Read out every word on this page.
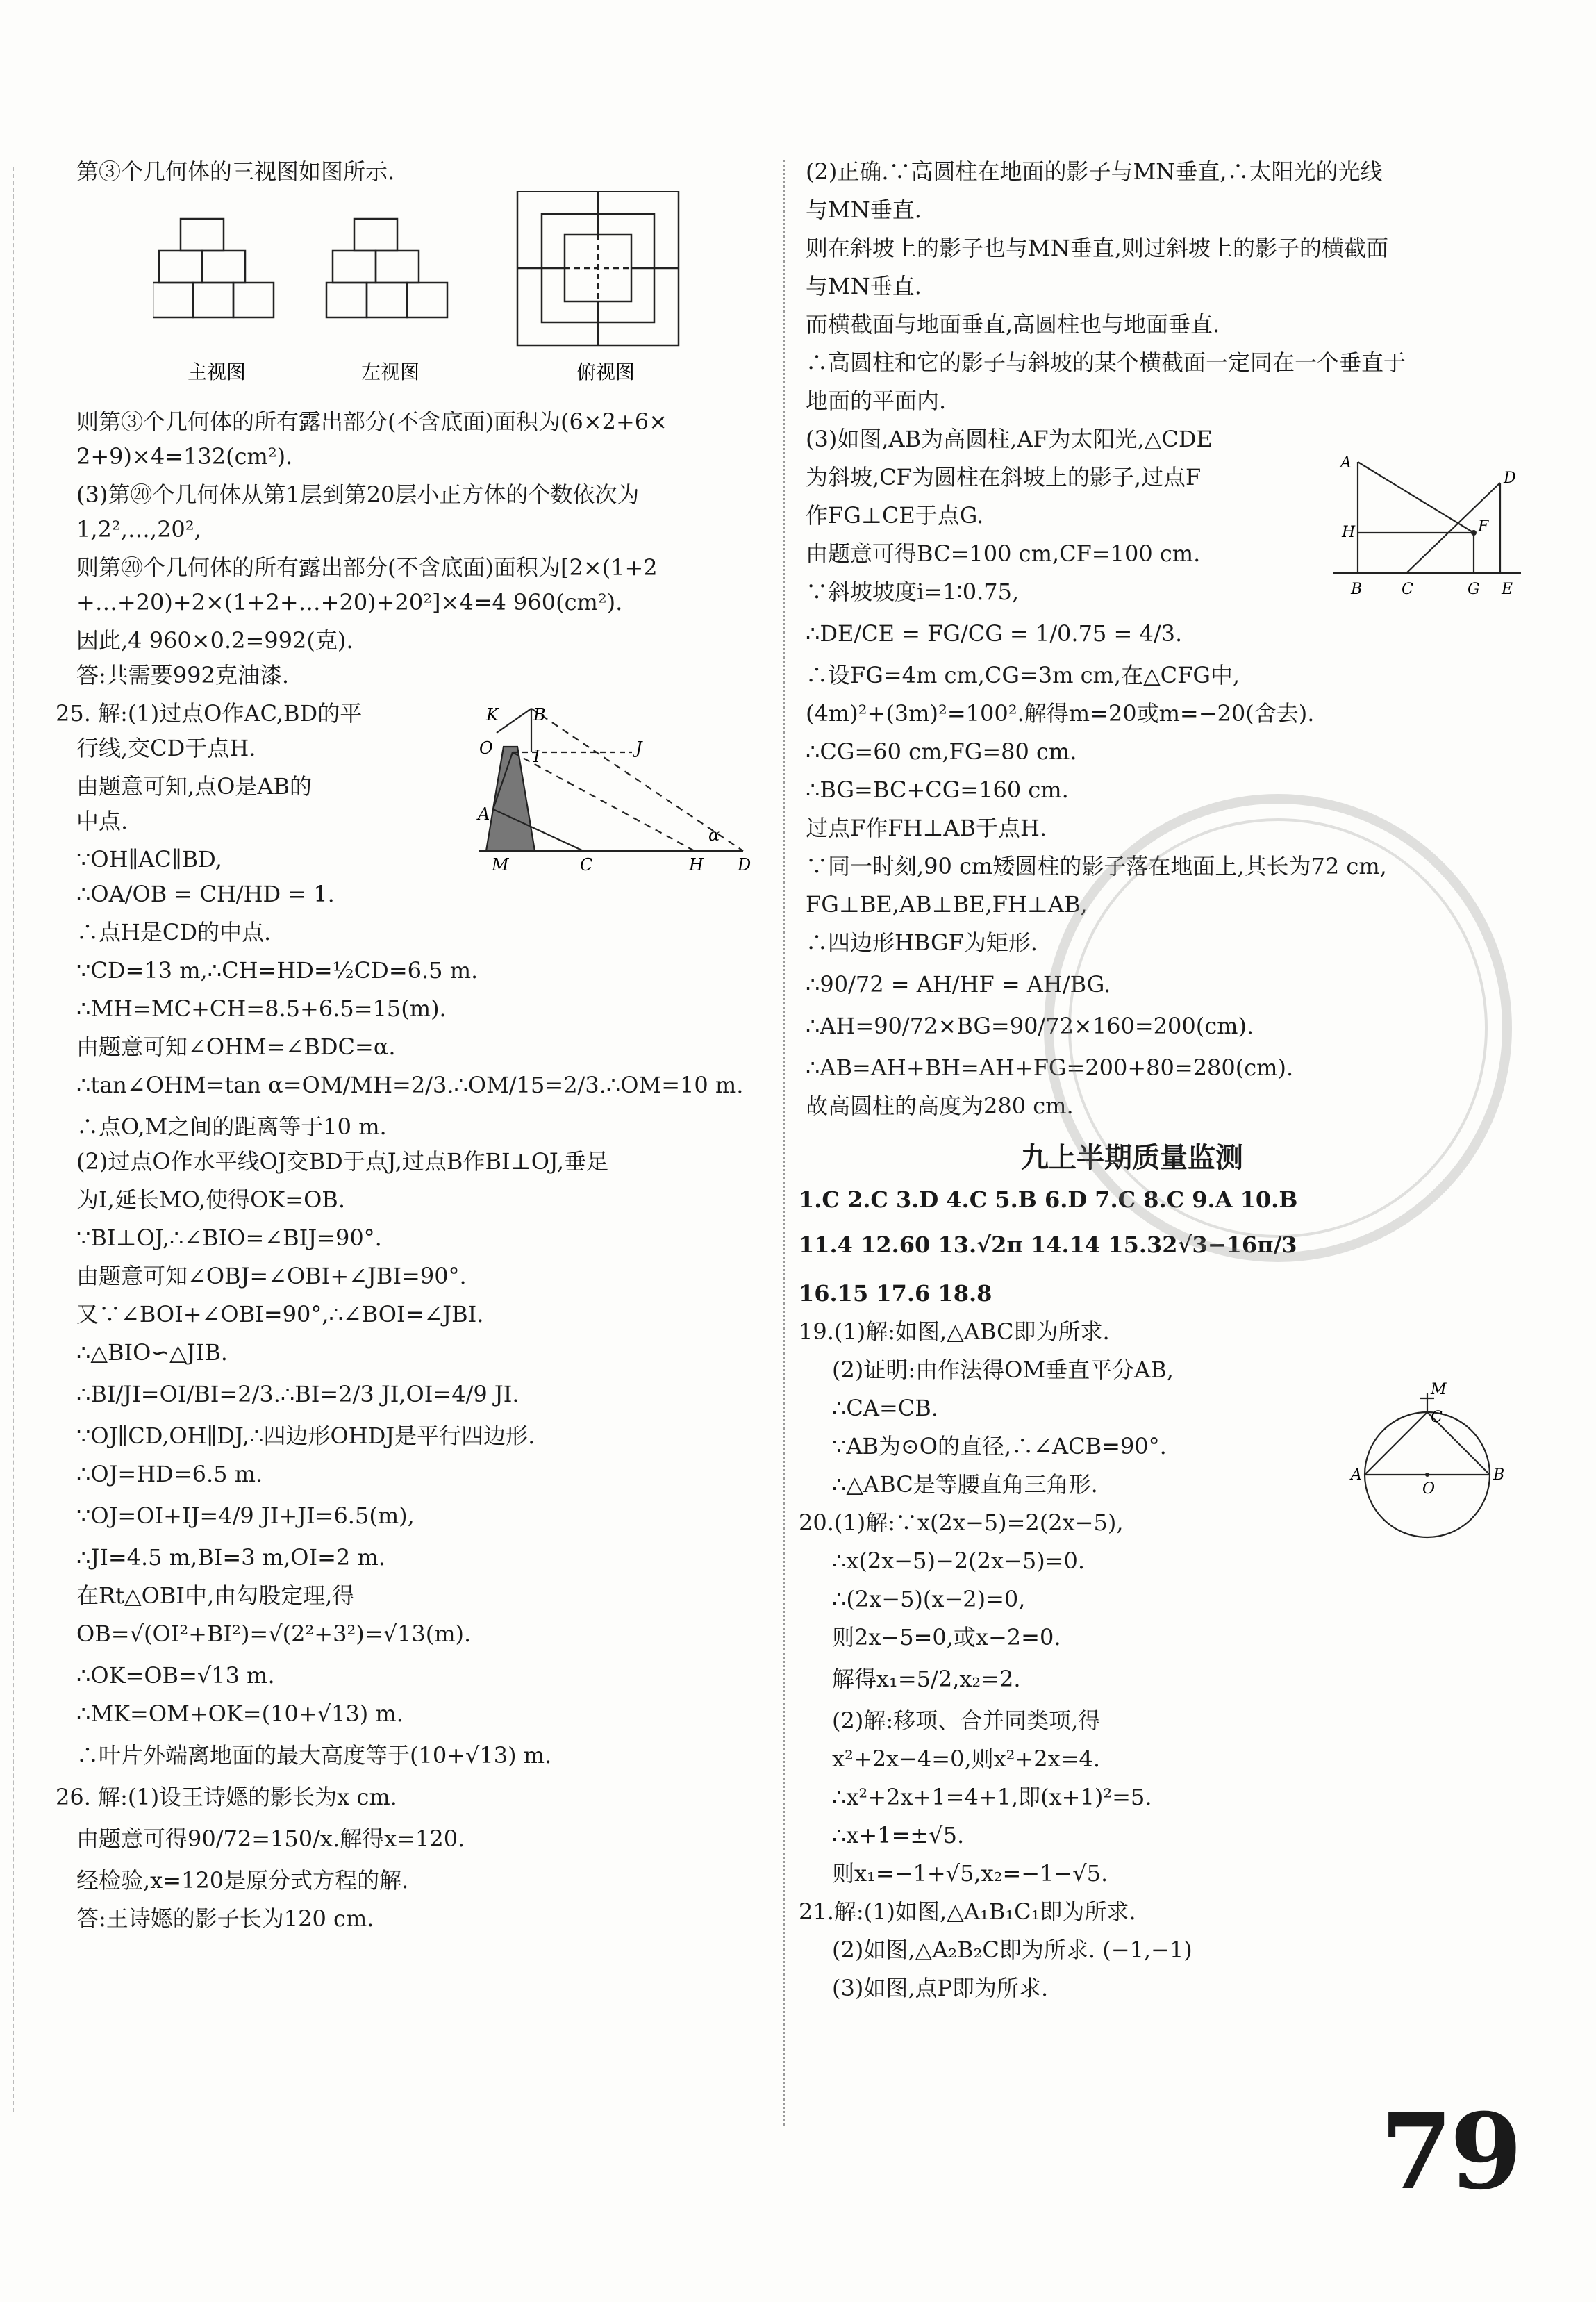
第③个几何体的三视图如图所示.
主视图	左视图	俯视图
则第③个几何体的所有露出部分(不含底面)面积为(6×2+6×
2+9)×4=132(cm²).
(3)第⑳个几何体从第1层到第20层小正方体的个数依次为
1,2²,…,20²,
则第⑳个几何体的所有露出部分(不含底面)面积为[2×(1+2
+…+20)+2×(1+2+…+20)+20²]×4=4 960(cm²).
因此,4 960×0.2=992(克).
答:共需要992克油漆.
25. 解:(1)过点O作AC,BD的平
行线,交CD于点H.
由题意可知,点O是AB的
中点.
∵OH∥AC∥BD,
∴OA/OB = CH/HD = 1.
K B
O I	J
A
M	C	H D
α
∴点H是CD的中点.
∵CD=13 m,∴CH=HD=½CD=6.5 m.
∴MH=MC+CH=8.5+6.5=15(m).
由题意可知∠OHM=∠BDC=α.
∴tan∠OHM=tan α=OM/MH=2/3.∴OM/15=2/3.∴OM=10 m.
∴点O,M之间的距离等于10 m.
(2)过点O作水平线OJ交BD于点J,过点B作BI⊥OJ,垂足
为I,延长MO,使得OK=OB.
∵BI⊥OJ,∴∠BIO=∠BIJ=90°.
由题意可知∠OBJ=∠OBI+∠JBI=90°.
又∵∠BOI+∠OBI=90°,∴∠BOI=∠JBI.
∴△BIO∽△JIB.
∴BI/JI=OI/BI=2/3.∴BI=2/3 JI,OI=4/9 JI.
∵OJ∥CD,OH∥DJ,∴四边形OHDJ是平行四边形.
∴OJ=HD=6.5 m.
∵OJ=OI+IJ=4/9 JI+JI=6.5(m),
∴JI=4.5 m,BI=3 m,OI=2 m.
在Rt△OBI中,由勾股定理,得
OB=√(OI²+BI²)=√(2²+3²)=√13(m).
∴OK=OB=√13 m.
∴MK=OM+OK=(10+√13) m.
∴叶片外端离地面的最大高度等于(10+√13) m.
26. 解:(1)设王诗嫕的影长为x cm.
由题意可得90/72=150/x.解得x=120.
经检验,x=120是原分式方程的解.
答:王诗嫕的影子长为120 cm.
(2)正确.∵高圆柱在地面的影子与MN垂直,∴太阳光的光线
与MN垂直.
则在斜坡上的影子也与MN垂直,则过斜坡上的影子的横截面
与MN垂直.
而横截面与地面垂直,高圆柱也与地面垂直.
∴高圆柱和它的影子与斜坡的某个横截面一定同在一个垂直于
地面的平面内.
(3)如图,AB为高圆柱,AF为太阳光,△CDE
为斜坡,CF为圆柱在斜坡上的影子,过点F
作FG⊥CE于点G.
A
D
H	F
B	C	G E
由题意可得BC=100 cm,CF=100 cm.
∵斜坡坡度i=1∶0.75,
∴DE/CE = FG/CG = 1/0.75 = 4/3.
∴设FG=4m cm,CG=3m cm,在△CFG中,
(4m)²+(3m)²=100².解得m=20或m=−20(舍去).
∴CG=60 cm,FG=80 cm.
∴BG=BC+CG=160 cm.
过点F作FH⊥AB于点H.
∵同一时刻,90 cm矮圆柱的影子落在地面上,其长为72 cm,
FG⊥BE,AB⊥BE,FH⊥AB,
∴四边形HBGF为矩形.
∴90/72 = AH/HF = AH/BG.
∴AH=90/72×BG=90/72×160=200(cm).
∴AB=AH+BH=AH+FG=200+80=280(cm).
故高圆柱的高度为280 cm.
九上半期质量监测
1.C 2.C 3.D 4.C 5.B 6.D 7.C 8.C 9.A 10.B
11.4 12.60 13.√2π 14.14 15.32√3−16π/3
16.15 17.6 18.8
19.(1)解:如图,△ABC即为所求.
(2)证明:由作法得OM垂直平分AB,
∴CA=CB.
∵AB为⊙O的直径,∴∠ACB=90°.
∴△ABC是等腰直角三角形.
M
C
A	B
O
20.(1)解:∵x(2x−5)=2(2x−5),
∴x(2x−5)−2(2x−5)=0.
∴(2x−5)(x−2)=0,
则2x−5=0,或x−2=0.
解得x₁=5/2,x₂=2.
(2)解:移项、合并同类项,得
x²+2x−4=0,则x²+2x=4.
∴x²+2x+1=4+1,即(x+1)²=5.
∴x+1=±√5.
则x₁=−1+√5,x₂=−1−√5.
21.解:(1)如图,△A₁B₁C₁即为所求.
(2)如图,△A₂B₂C即为所求. (−1,−1)
(3)如图,点P即为所求.
79
